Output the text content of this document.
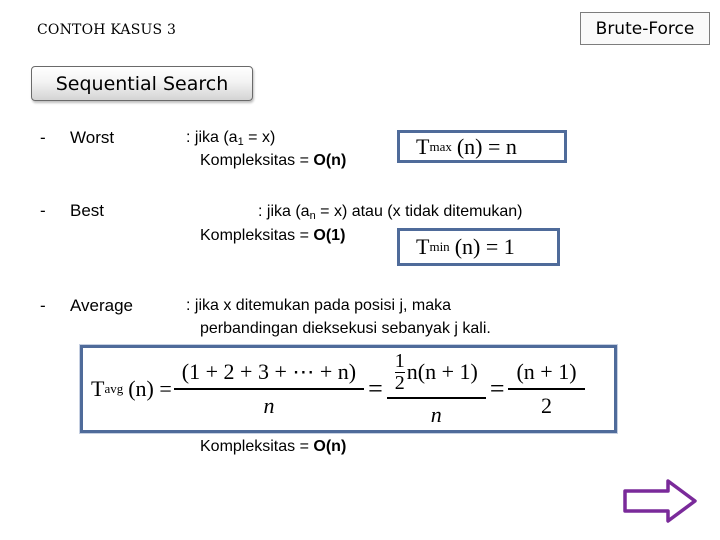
CONTOH KASUS 3	Brute-Force
Sequential Search
- Worst	: jika $(a_1 = x)$
Kompleksitas = O(n)
T max (n) = n
- Best	: jika $(a_n = x)$ atau (x tidak ditemukan)
Kompleksitas = O(1)	T min (n) = 1
- Average	: jika x ditemukan pada posisi j, maka
perbandingan dieksekusi sebanyak j kali.
T avg $(n) = \frac{(1 + 2 + 3 + \cdots + n)}{n} = 1$
2 n(n + 1)
$n = \frac{(n + 1)}{2}$
Kompleksitas = O(n)
